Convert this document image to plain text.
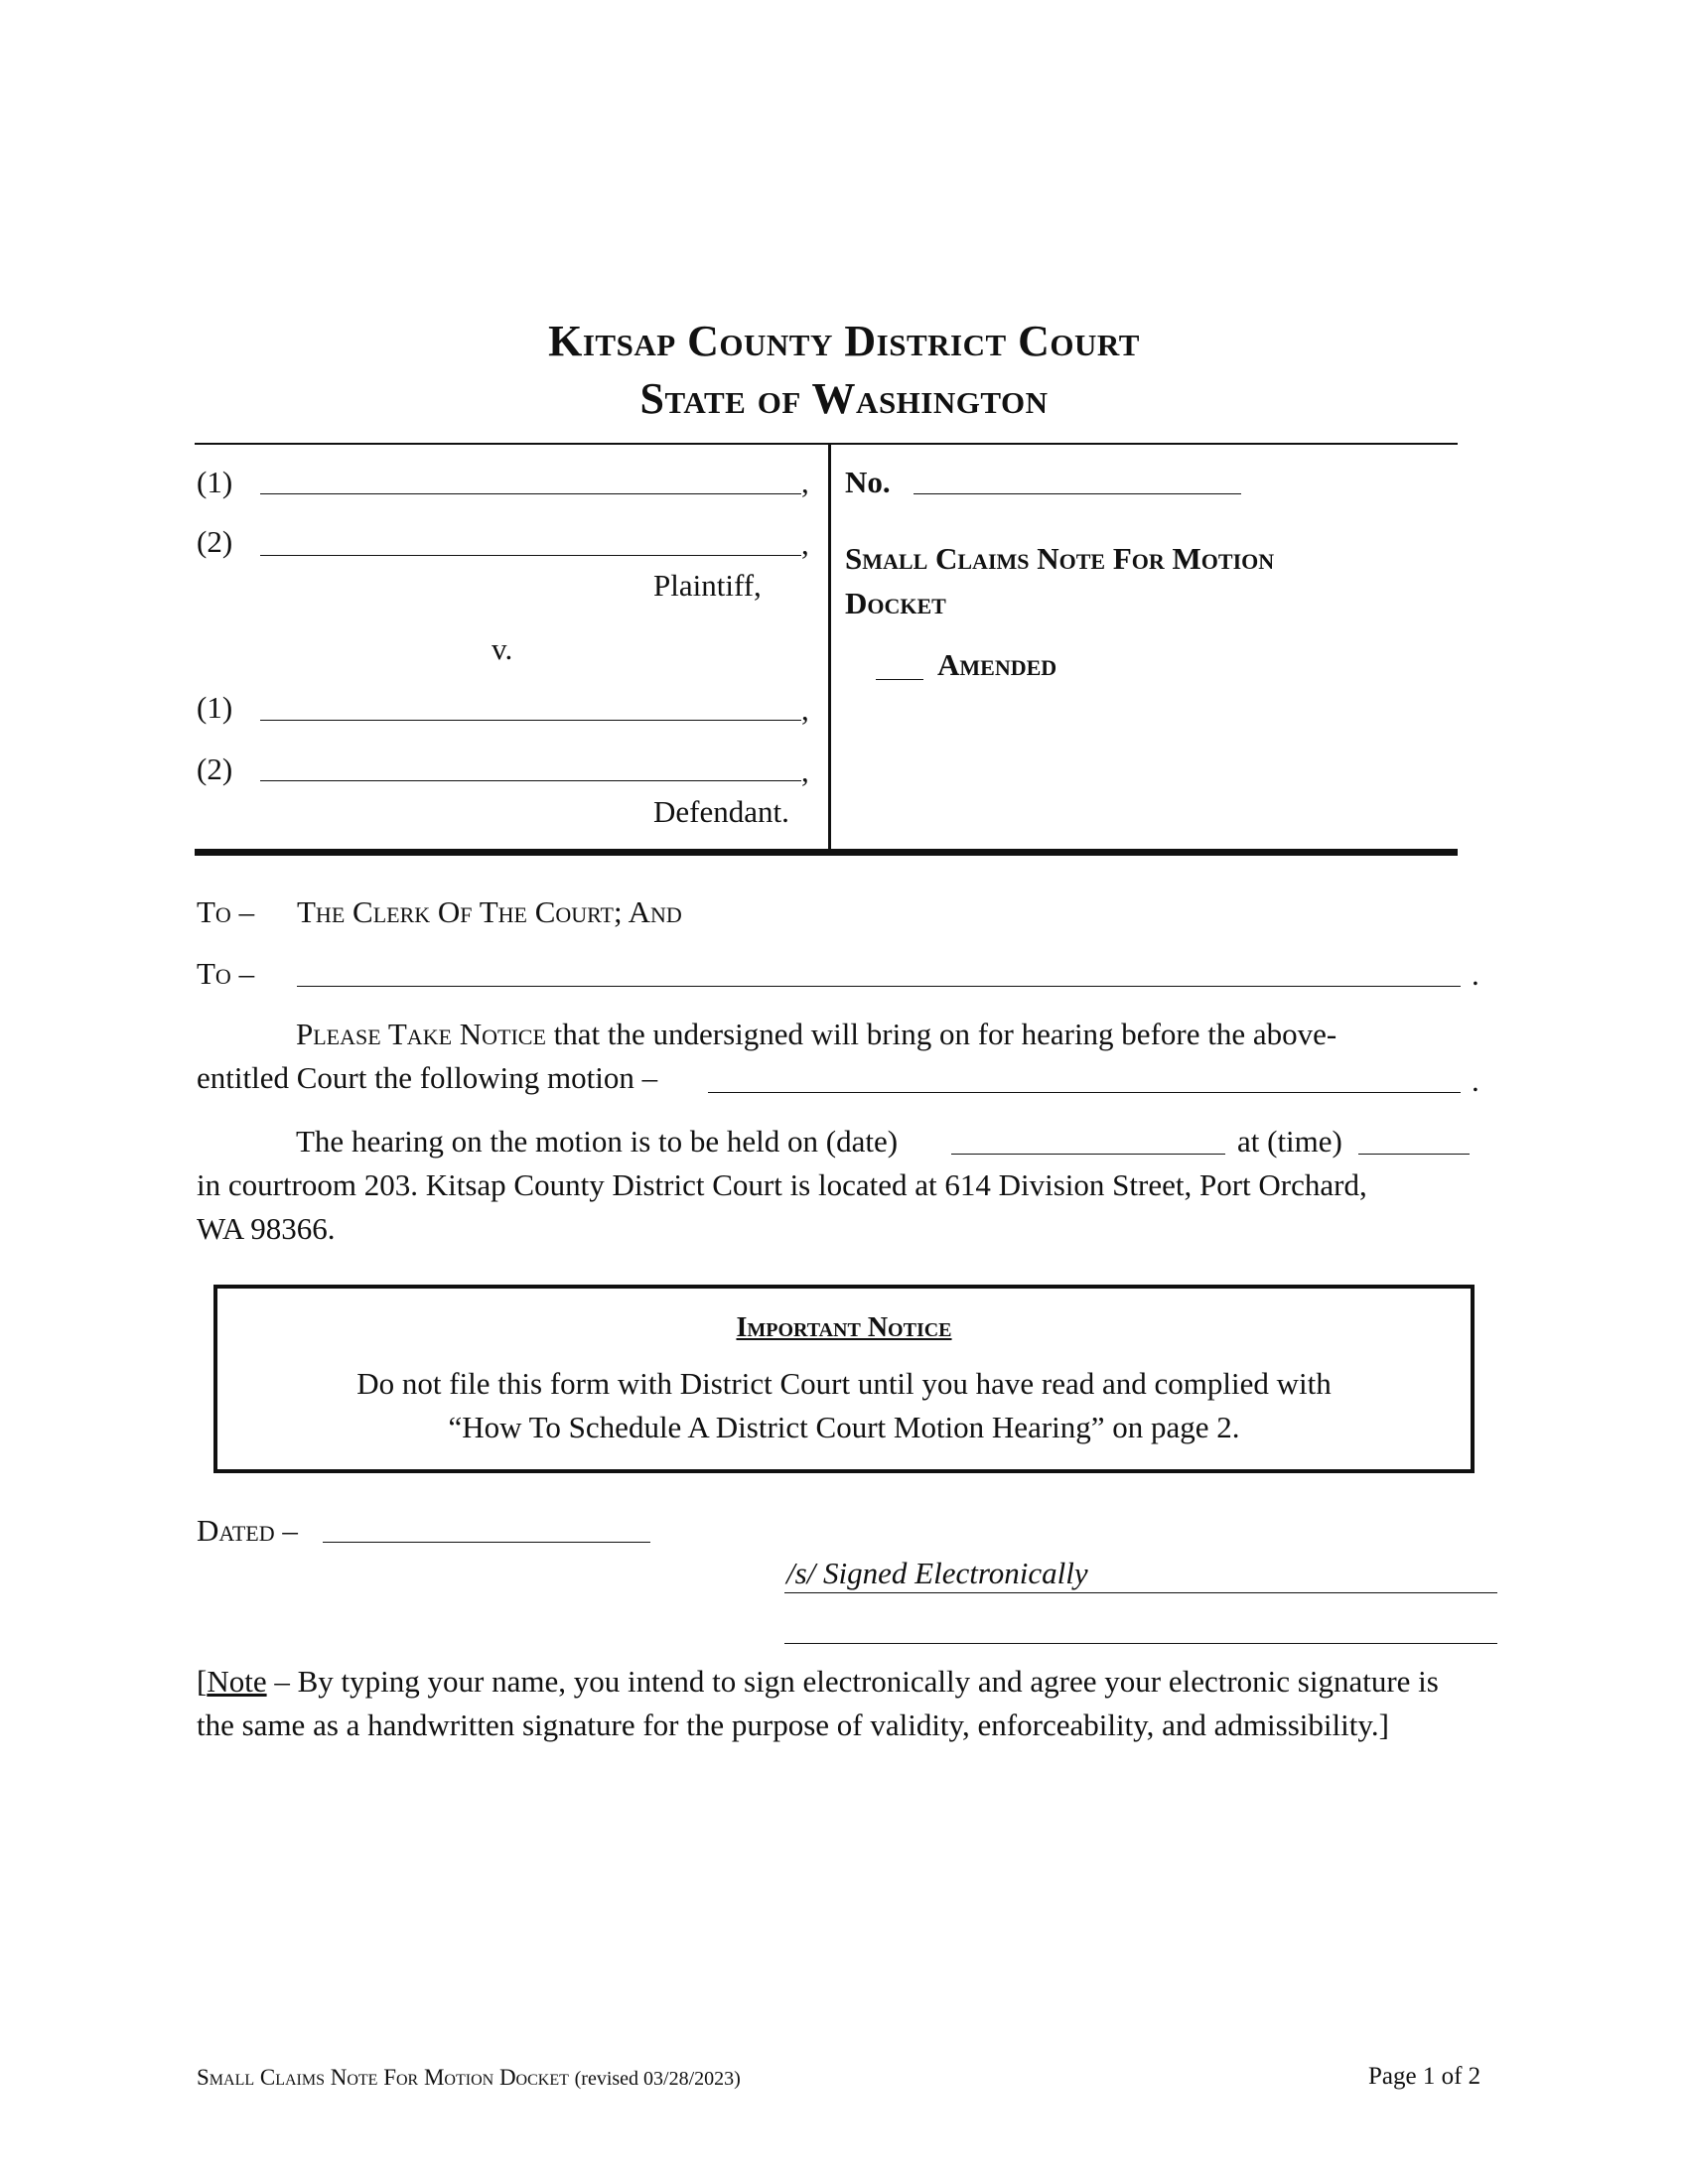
Kitsap County District Court
State of Washington
(1)	,
(2)	,
Plaintiff,
v.
(1)	,
(2)	,
Defendant.
No.
Small Claims Note For Motion
Docket
Amended
To – The Clerk Of The Court; And
To –	.
Please Take Notice that the undersigned will bring on for hearing before the above-
entitled Court the following motion –	.
The hearing on the motion is to be held on (date)	at (time)
in courtroom 203. Kitsap County District Court is located at 614 Division Street, Port Orchard,
WA 98366.
Important Notice
Do not file this form with District Court until you have read and complied with
“How To Schedule A District Court Motion Hearing” on page 2.
Dated –
/s/ Signed Electronically
[Note – By typing your name, you intend to sign electronically and agree your electronic signature is
the same as a handwritten signature for the purpose of validity, enforceability, and admissibility.]
Small Claims Note For Motion Docket (revised 03/28/2023)	Page 1 of 2
